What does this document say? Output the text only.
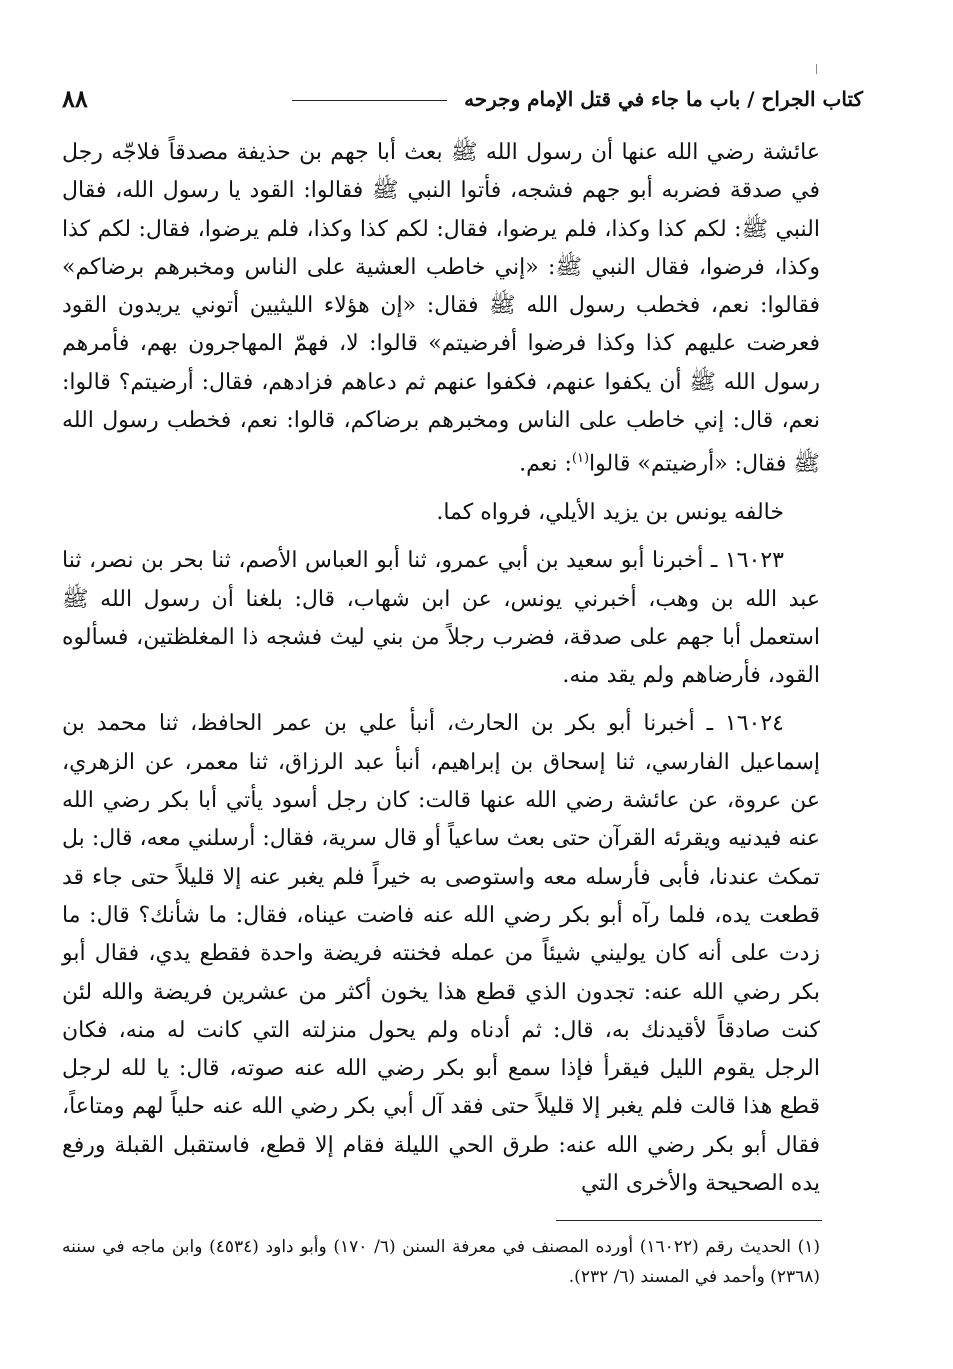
كتاب الجراح / باب ما جاء في قتل الإمام وجرحه
٨٨

عائشة رضي الله عنها أن رسول الله ﷺ بعث أبا جهم بن حذيفة مصدقاً فلاجّه رجل في صدقة فضربه أبو جهم فشجه، فأتوا النبي ﷺ فقالوا: القود يا رسول الله، فقال النبي ﷺ: لكم كذا وكذا، فلم يرضوا، فقال: لكم كذا وكذا، فلم يرضوا، فقال: لكم كذا وكذا، فرضوا، فقال النبي ﷺ: «إني خاطب العشية على الناس ومخبرهم برضاكم» فقالوا: نعم، فخطب رسول الله ﷺ فقال: «إن هؤلاء الليثيين أتوني يريدون القود فعرضت عليهم كذا وكذا فرضوا أفرضيتم» قالوا: لا، فهمّ المهاجرون بهم، فأمرهم رسول الله ﷺ أن يكفوا عنهم، فكفوا عنهم ثم دعاهم فزادهم، فقال: أرضيتم؟ قالوا: نعم، قال: إني خاطب على الناس ومخبرهم برضاكم، قالوا: نعم، فخطب رسول الله ﷺ فقال: «أرضيتم» قالوا$^{(١)}$: نعم.

خالفه يونس بن يزيد الأيلي، فرواه كما.

١٦٠٢٣ ـ أخبرنا أبو سعيد بن أبي عمرو، ثنا أبو العباس الأصم، ثنا بحر بن نصر، ثنا عبد الله بن وهب، أخبرني يونس، عن ابن شهاب، قال: بلغنا أن رسول الله ﷺ استعمل أبا جهم على صدقة، فضرب رجلاً من بني ليث فشجه ذا المغلظتين، فسألوه القود، فأرضاهم ولم يقد منه.

١٦٠٢٤ ـ أخبرنا أبو بكر بن الحارث، أنبأ علي بن عمر الحافظ، ثنا محمد بن إسماعيل الفارسي، ثنا إسحاق بن إبراهيم، أنبأ عبد الرزاق، ثنا معمر، عن الزهري، عن عروة، عن عائشة رضي الله عنها قالت: كان رجل أسود يأتي أبا بكر رضي الله عنه فيدنيه ويقرئه القرآن حتى بعث ساعياً أو قال سرية، فقال: أرسلني معه، قال: بل تمكث عندنا، فأبى فأرسله معه واستوصى به خيراً فلم يغبر عنه إلا قليلاً حتى جاء قد قطعت يده، فلما رآه أبو بكر رضي الله عنه فاضت عيناه، فقال: ما شأنك؟ قال: ما زدت على أنه كان يوليني شيئاً من عمله فخنته فريضة واحدة فقطع يدي، فقال أبو بكر رضي الله عنه: تجدون الذي قطع هذا يخون أكثر من عشرين فريضة والله لئن كنت صادقاً لأقيدنك به، قال: ثم أدناه ولم يحول منزلته التي كانت له منه، فكان الرجل يقوم الليل فيقرأ فإذا سمع أبو بكر رضي الله عنه صوته، قال: يا لله لرجل قطع هذا قالت فلم يغبر إلا قليلاً حتى فقد آل أبي بكر رضي الله عنه حلياً لهم ومتاعاً، فقال أبو بكر رضي الله عنه: طرق الحي الليلة فقام إلا قطع، فاستقبل القبلة ورفع يده الصحيحة والأخرى التي

(١) الحديث رقم (١٦٠٢٢) أورده المصنف في معرفة السنن (٦/ ١٧٠) وأبو داود (٤٥٣٤) وابن ماجه في سننه (٢٣٦٨) وأحمد في المسند (٦/ ٢٣٢).
